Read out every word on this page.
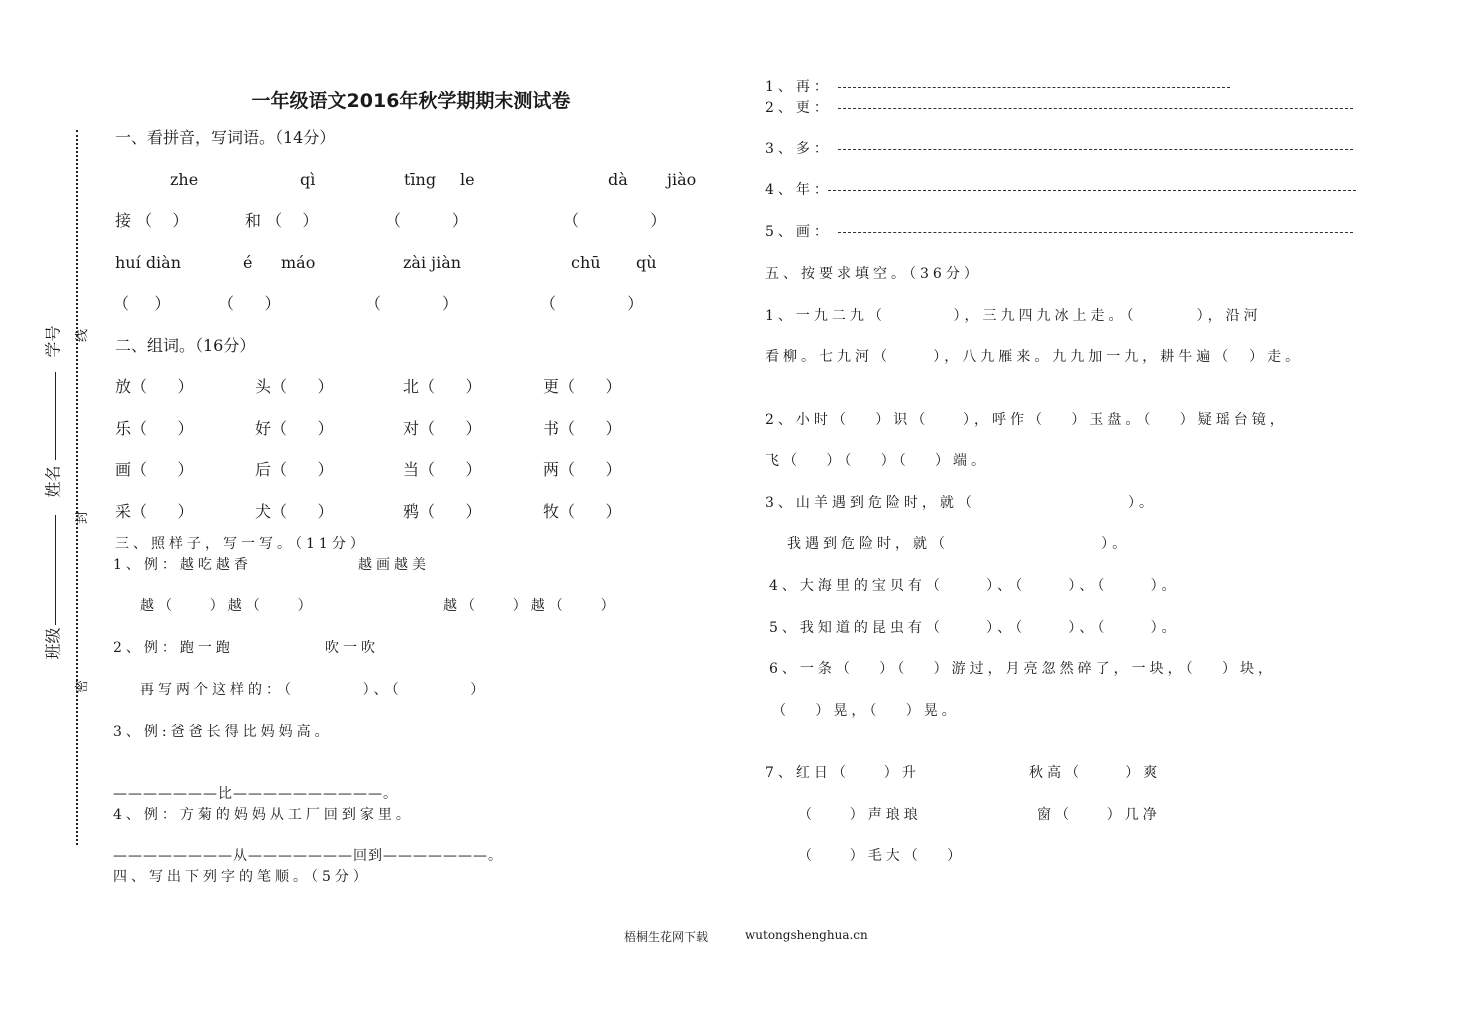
学号 线
姓名
封
班级
密
一年级语文2016年秋学期期末测试卷
一、看拼音，写词语。（14分）
zhe	qì	tīng le	dà jiào
接 （    ）	和 （    ）	（          ）	（              ）
huí diàn	é máo	zài jiàn	chū qù
（     ）	（      ）	（            ）	（              ）
二、组词。（16分）
放（      ）	头（      ）	北（      ）	更（      ）
乐（      ）	好（      ）	对（      ）	书（      ）
画（      ）	后（      ）	当（      ）	两（      ）
采（      ）	犬（      ）	鸦（      ）	牧（      ）
三、照样子，写一写。（11分）
1、例：越吃越香	越画越美
越（    ）越（    ）	越（    ）越（    ）
2、例：跑一跑	吹一吹
再写两个这样的：（        ）、（        ）
3、例:爸爸长得比妈妈高。
———————比——————————。
4、例：方菊的妈妈从工厂回到家里。
————————从———————回到———————。
四、写出下列字的笔顺。（5分）
1、再：
2、更：
3、多：
4、年：
5、画：
五、按要求填空。（36分）
1、一九二九（        ），三九四九冰上走。（       ），沿河
看柳。七九河（     ），八九雁来。九九加一九，耕牛遍（  ）走。
2、小时（   ）识（    ），呼作（   ）玉盘。（   ）疑瑶台镜，
飞（   ）（   ）（   ）端。
3、山羊遇到危险时，就（                  ）。
我遇到危险时，就（                  ）。
4、大海里的宝贝有（     ）、（     ）、（     ）。
5、我知道的昆虫有（     ）、（     ）、（     ）。
6、一条（   ）（   ）游过，月亮忽然碎了，一块，（   ）块，
（   ）晃，（   ）晃。
7、红日（    ）升	秋高（     ）爽
（    ）声琅琅	窗（    ）几净
（    ）毛大（   ）
梧桐生花网下载	wutongshenghua.cn
